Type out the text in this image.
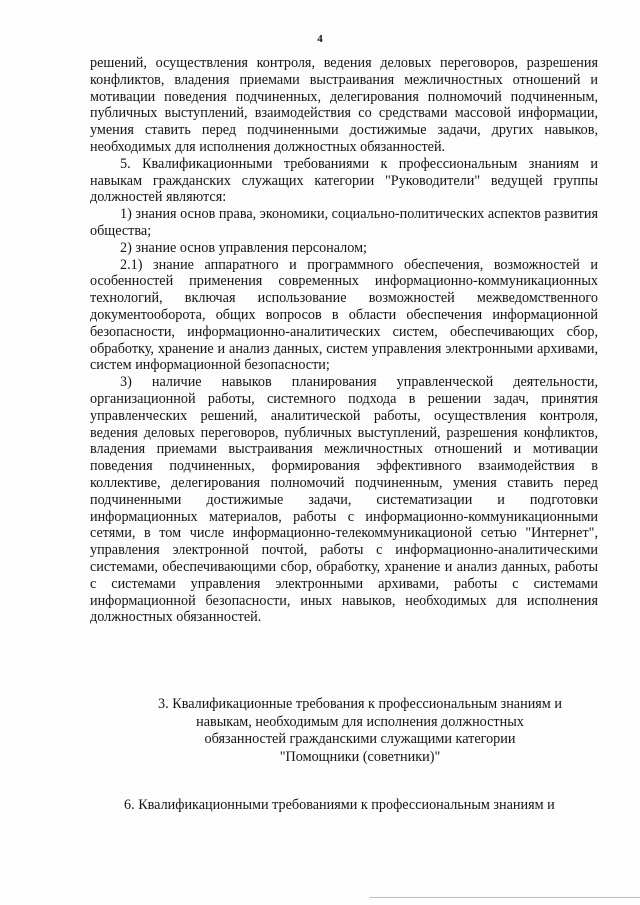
4

решений, осуществления контроля, ведения деловых переговоров, разрешения конфликтов, владения приемами выстраивания межличностных отношений и мотивации поведения подчиненных, делегирования полномочий подчиненным, публичных выступлений, взаимодействия со средствами массовой информации, умения ставить перед подчиненными достижимые задачи, других навыков, необходимых для исполнения должностных обязанностей.

5. Квалификационными требованиями к профессиональным знаниям и навыкам гражданских служащих категории "Руководители" ведущей группы должностей являются:

1) знания основ права, экономики, социально-политических аспектов развития общества;

2) знание основ управления персоналом;

2.1) знание аппаратного и программного обеспечения, возможностей и особенностей применения современных информационно-коммуникационных технологий, включая использование возможностей межведомственного документооборота, общих вопросов в области обеспечения информационной безопасности, информационно-аналитических систем, обеспечивающих сбор, обработку, хранение и анализ данных, систем управления электронными архивами, систем информационной безопасности;

3) наличие навыков планирования управленческой деятельности, организационной работы, системного подхода в решении задач, принятия управленческих решений, аналитической работы, осуществления контроля, ведения деловых переговоров, публичных выступлений, разрешения конфликтов, владения приемами выстраивания межличностных отношений и мотивации поведения подчиненных, формирования эффективного взаимодействия в коллективе, делегирования полномочий подчиненным, умения ставить перед подчиненными достижимые задачи, систематизации и подготовки информационных материалов, работы с информационно-коммуникационными сетями, в том числе информационно-телекоммуникационой сетью "Интернет", управления электронной почтой, работы с информационно-аналитическими системами, обеспечивающими сбор, обработку, хранение и анализ данных, работы с системами управления электронными архивами, работы с системами информационной безопасности, иных навыков, необходимых для исполнения должностных обязанностей.

3. Квалификационные требования к профессиональным знаниям и
навыкам, необходимым для исполнения должностных
обязанностей гражданскими служащими категории
"Помощники (советники)"
6. Квалификационными требованиями к профессиональным знаниям и
